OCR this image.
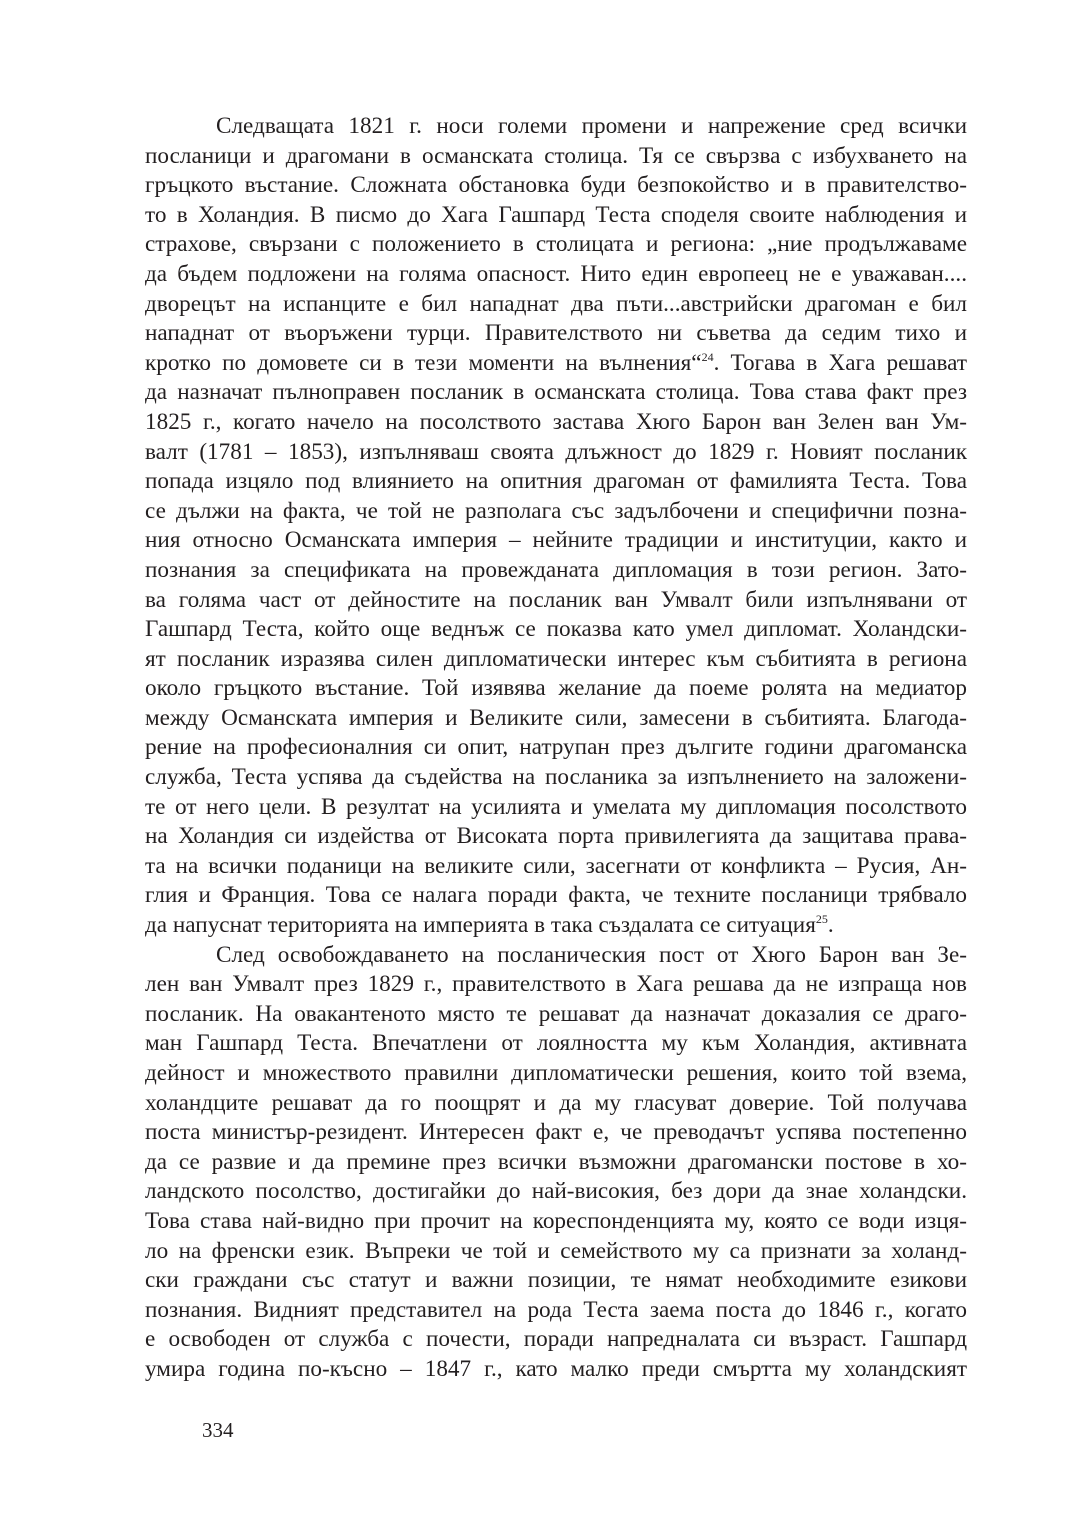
Следващата 1821 г. носи големи промени и напрежение сред всички
посланици и драгомани в османската столица. Тя се свързва с избухването на
гръцкото въстание. Сложната обстановка буди безпокойство и в правителство-
то в Холандия. В писмо до Хага Гашпард Теста споделя своите наблюдения и
страхове, свързани с положението в столицата и региона: „ние продължаваме
да бъдем подложени на голяма опасност. Нито един европеец не е уважаван....
дворецът на испанците е бил нападнат два пъти...австрийски драгоман е бил
нападнат от въоръжени турци. Правителството ни съветва да седим тихо и
кротко по домовете си в тези моменти на вълнения“$^{24}$. Тогава в Хага решават
да назначат пълноправен посланик в османската столица. Това става факт през
1825 г., когато начело на посолството застава Хюго Барон ван Зелен ван Ум-
валт (1781 – 1853), изпълняваш своята длъжност до 1829 г. Новият посланик
попада изцяло под влиянието на опитния драгоман от фамилията Теста. Това
се дължи на факта, че той не разполага със задълбочени и специфични позна-
ния относно Османската империя – нейните традиции и институции, както и
познания за спецификата на провежданата дипломация в този регион. Зато-
ва голяма част от дейностите на посланик ван Умвалт били изпълнявани от
Гашпард Теста, който още веднъж се показва като умел дипломат. Холандски-
ят посланик изразява силен дипломатически интерес към събитията в региона
около гръцкото въстание. Той изявява желание да поеме ролята на медиатор
между Османската империя и Великите сили, замесени в събитията. Благода-
рение на професионалния си опит, натрупан през дългите години драгоманска
служба, Теста успява да съдейства на посланика за изпълнението на заложени-
те от него цели. В резултат на усилията и умелата му дипломация посолството
на Холандия си издейства от Високата порта привилегията да защитава права-
та на всички поданици на великите сили, засегнати от конфликта – Русия, Ан-
глия и Франция. Това се налага поради факта, че техните посланици трябвало
да напуснат територията на империята в така създалата се ситуация$^{25}$.
След освобождаването на посланическия пост от Хюго Барон ван Зе-
лен ван Умвалт през 1829 г., правителството в Хага решава да не изпраща нов
посланик. На овакантеното място те решават да назначат доказалия се драго-
ман Гашпард Теста. Впечатлени от лоялността му към Холандия, активната
дейност и множеството правилни дипломатически решения, които той взема,
холандците решават да го поощрят и да му гласуват доверие. Той получава
поста министър-резидент. Интересен факт е, че преводачът успява постепенно
да се развие и да премине през всички възможни драгомански постове в хо-
ландското посолство, достигайки до най-високия, без дори да знае холандски.
Това става най-видно при прочит на кореспонденцията му, която се води изця-
ло на френски език. Въпреки че той и семейството му са признати за холанд-
ски граждани със статут и важни позиции, те нямат необходимите езикови
познания. Видният представител на рода Теста заема поста до 1846 г., когато
е освободен от служба с почести, поради напредналата си възраст. Гашпард
умира година по-късно – 1847 г., като малко преди смъртта му холандският
334
